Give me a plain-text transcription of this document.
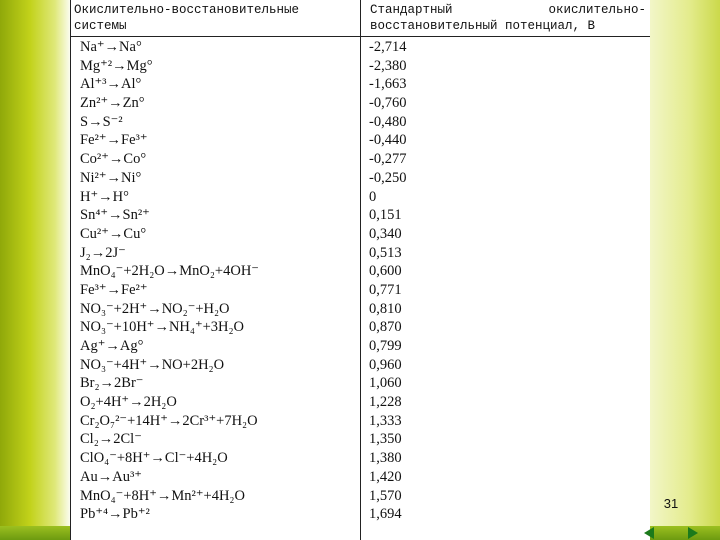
Окислительно-восстановительные
системы
Стандартный	окислительно-
восстановительный потенциал, В
Na⁺→Na°
Mg⁺²→Mg°
Al⁺³→Al°
Zn²⁺→Zn°
S→S⁻²
Fe²⁺→Fe³⁺
Co²⁺→Co°
Ni²⁺→Ni°
H⁺→H°
Sn⁴⁺→Sn²⁺
Cu²⁺→Cu°
J₂→2J⁻
MnO₄⁻+2H₂O→MnO₂+4OH⁻
Fe³⁺→Fe²⁺
NO₃⁻+2H⁺→NO₂⁻+H₂O
NO₃⁻+10H⁺→NH₄⁺+3H₂O
Ag⁺→Ag°
NO₃⁻+4H⁺→NO+2H₂O
Br₂→2Br⁻
O₂+4H⁺→2H₂O
Cr₂O₇²⁻+14H⁺→2Cr³⁺+7H₂O
Cl₂→2Cl⁻
ClO₄⁻+8H⁺→Cl⁻+4H₂O
Au→Au³⁺
MnO₄⁻+8H⁺→Mn²⁺+4H₂O
Pb⁺⁴→Pb⁺²
-2,714
-2,380
-1,663
-0,760
-0,480
-0,440
-0,277
-0,250
0
0,151
0,340
0,513
0,600
0,771
0,810
0,870
0,799
0,960
1,060
1,228
1,333
1,350
1,380
1,420
1,570
1,694
31
